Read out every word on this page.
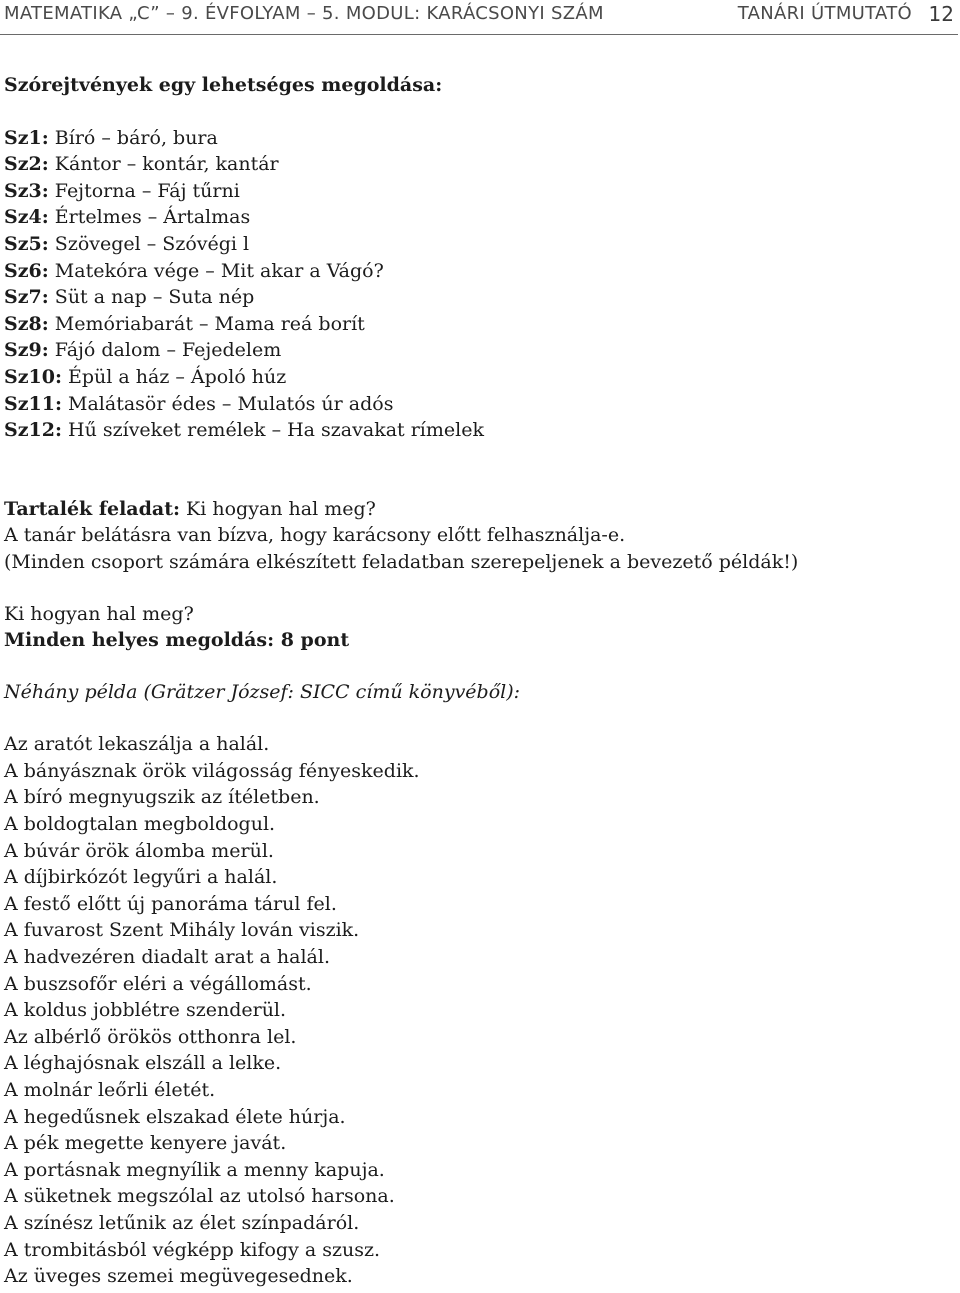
MATEMATIKA „C” – 9. ÉVFOLYAM – 5. MODUL: KARÁCSONYI SZÁM	TANÁRI ÚTMUTATÓ 12
Szórejtvények egy lehetséges megoldása:
Sz1: Bíró – báró, bura
Sz2: Kántor – kontár, kantár
Sz3: Fejtorna – Fáj tűrni
Sz4: Értelmes – Ártalmas
Sz5: Szövegel – Szóvégi l
Sz6: Matekóra vége – Mit akar a Vágó?
Sz7: Süt a nap – Suta nép
Sz8: Memóriabarát – Mama reá borít
Sz9: Fájó dalom – Fejedelem
Sz10: Épül a ház – Ápoló húz
Sz11: Malátasör édes – Mulatós úr adós
Sz12: Hű szíveket remélek – Ha szavakat rímelek
Tartalék feladat: Ki hogyan hal meg?
A tanár belátásra van bízva, hogy karácsony előtt felhasználja-e.
(Minden csoport számára elkészített feladatban szerepeljenek a bevezető példák!)
Ki hogyan hal meg?
Minden helyes megoldás: 8 pont
Néhány példa (Grätzer József: SICC című könyvéből):
Az aratót lekaszálja a halál.
A bányásznak örök világosság fényeskedik.
A bíró megnyugszik az ítéletben.
A boldogtalan megboldogul.
A búvár örök álomba merül.
A díjbirkózót legyűri a halál.
A festő előtt új panoráma tárul fel.
A fuvarost Szent Mihály lován viszik.
A hadvezéren diadalt arat a halál.
A buszsofőr eléri a végállomást.
A koldus jobblétre szenderül.
Az albérlő örökös otthonra lel.
A léghajósnak elszáll a lelke.
A molnár leőrli életét.
A hegedűsnek elszakad élete húrja.
A pék megette kenyere javát.
A portásnak megnyílik a menny kapuja.
A süketnek megszólal az utolsó harsona.
A színész letűnik az élet színpadáról.
A trombitásból végképp kifogy a szusz.
Az üveges szemei megüvegesednek.
